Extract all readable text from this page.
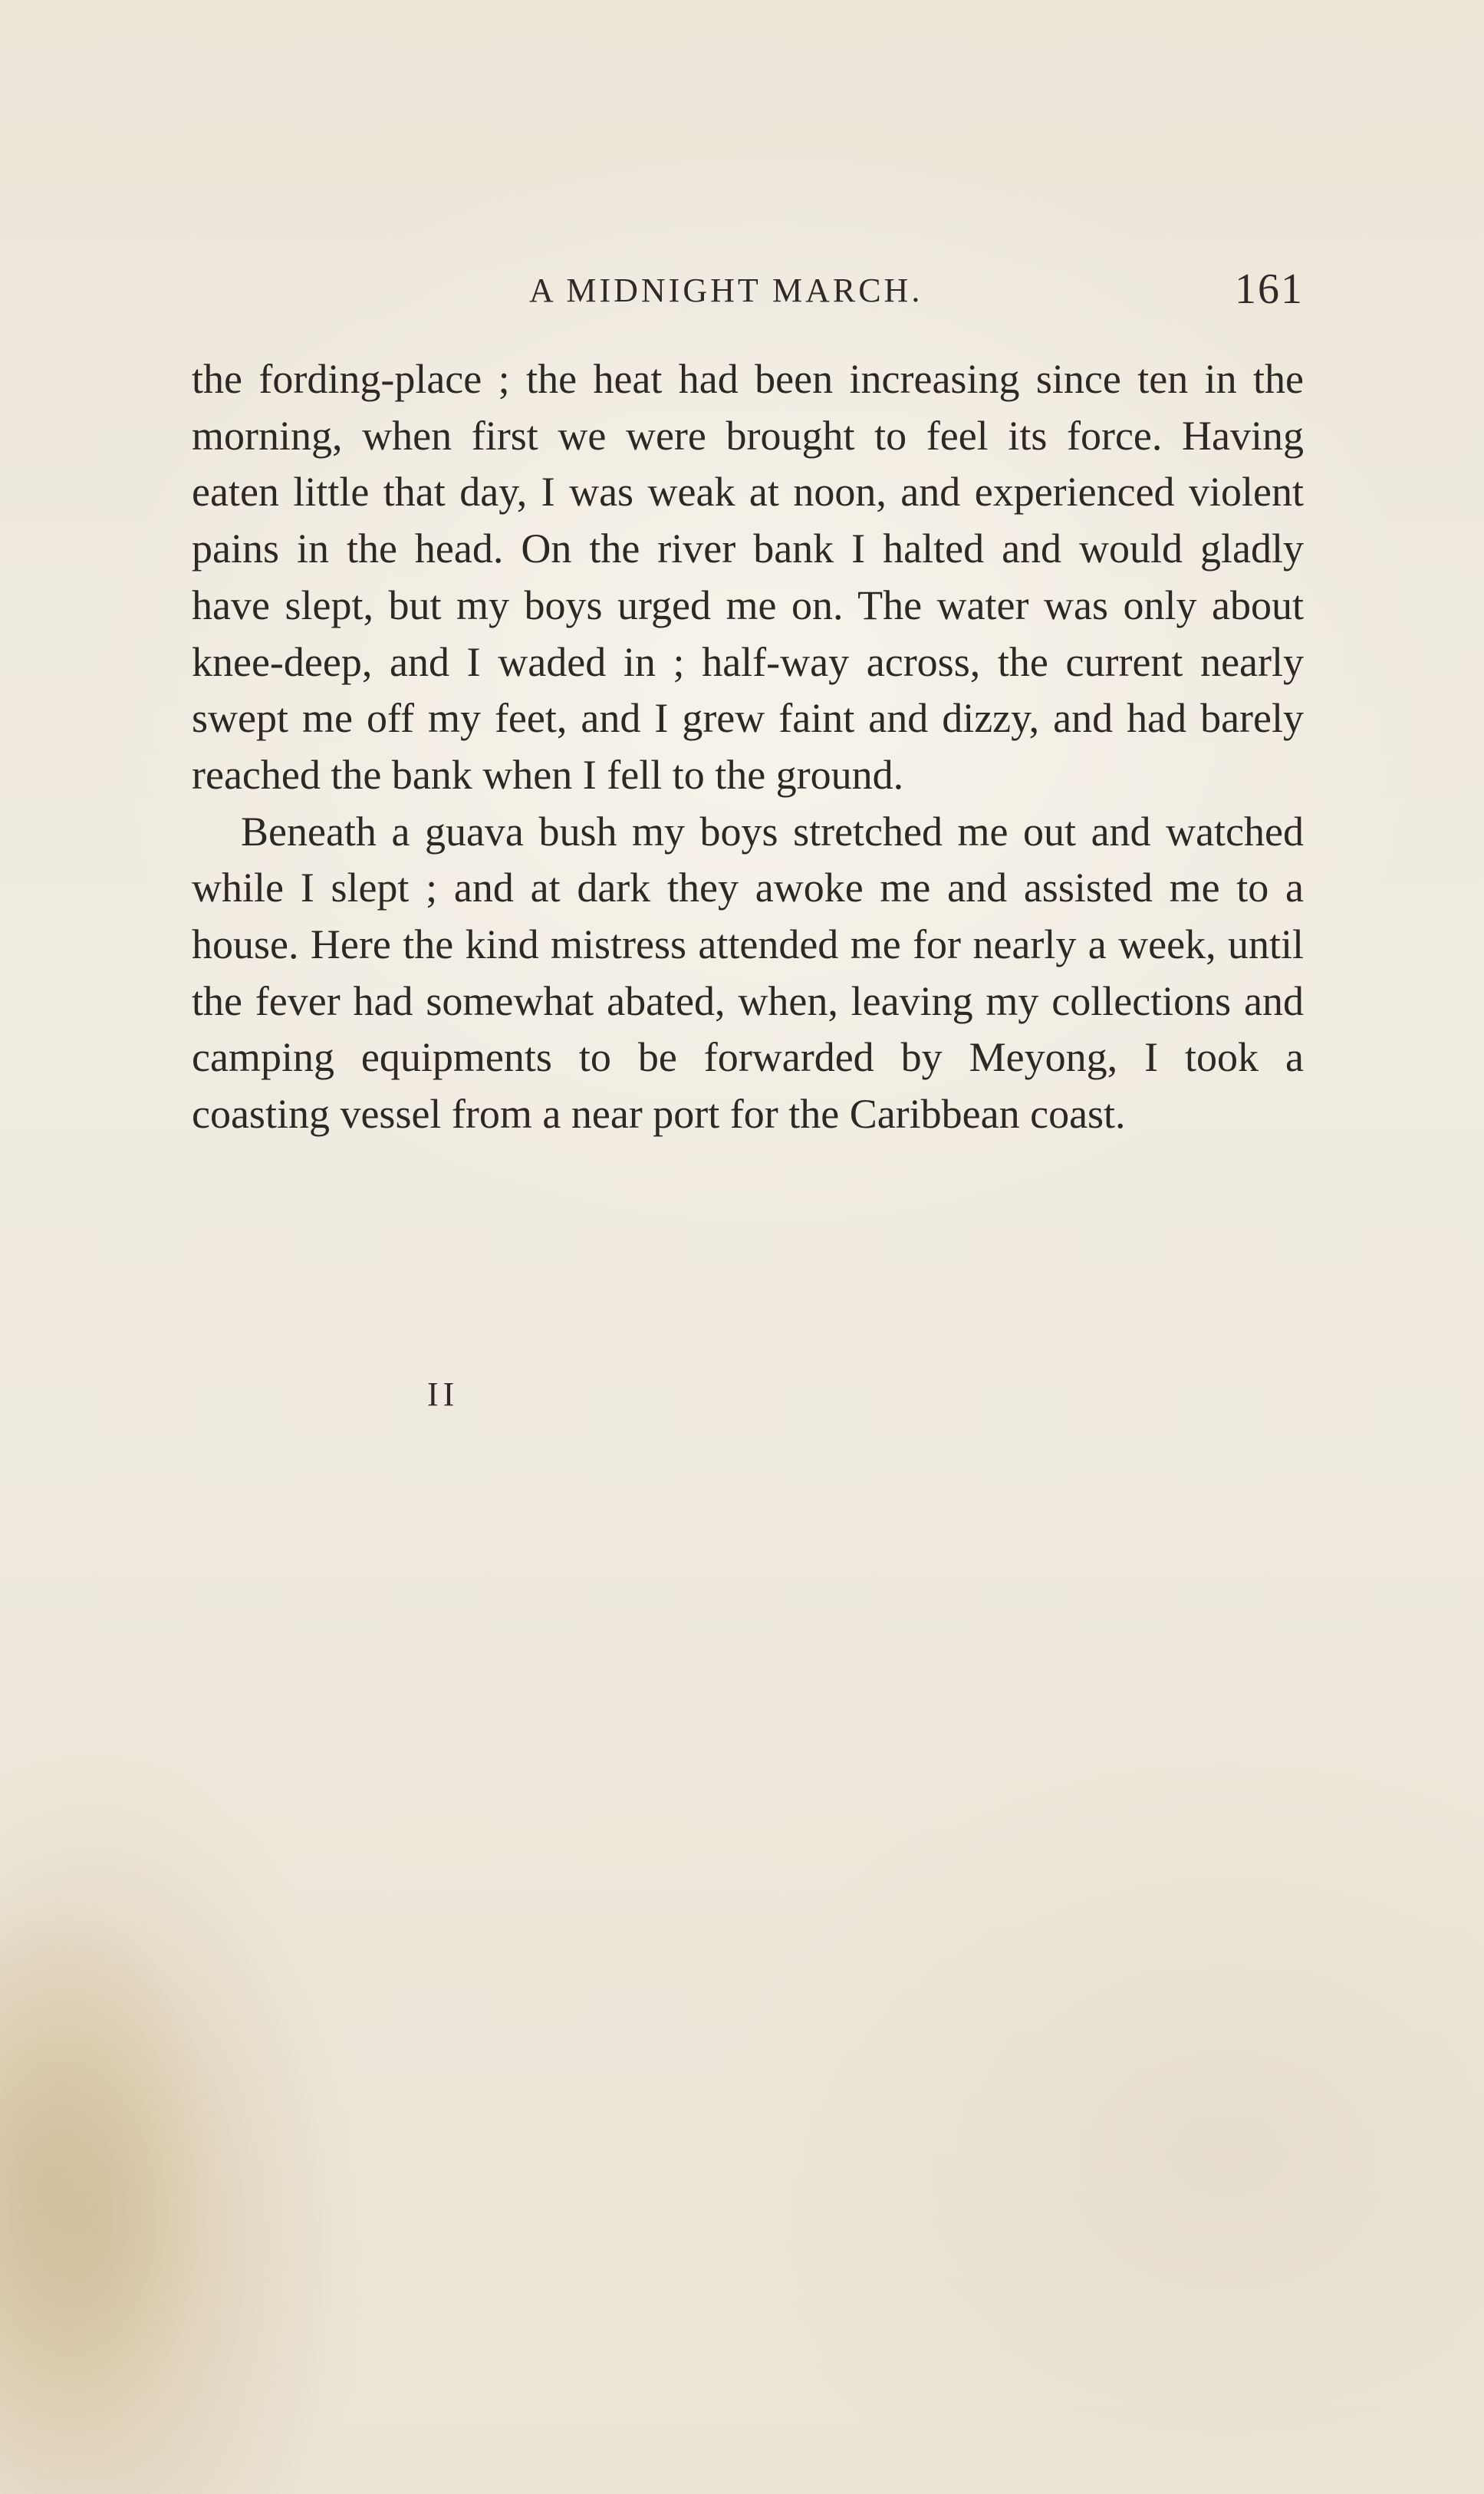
A MIDNIGHT MARCH.	161

the fording-place ; the heat had been increasing since ten in the morning, when first we were brought to feel its force. Having eaten little that day, I was weak at noon, and experienced violent pains in the head. On the river bank I halted and would gladly have slept, but my boys urged me on. The water was only about knee-deep, and I waded in ; half-way across, the current nearly swept me off my feet, and I grew faint and dizzy, and had barely reached the bank when I fell to the ground.

Beneath a guava bush my boys stretched me out and watched while I slept ; and at dark they awoke me and assisted me to a house. Here the kind mistress attended me for nearly a week, until the fever had somewhat abated, when, leaving my collections and camping equipments to be forwarded by Meyong, I took a coasting vessel from a near port for the Caribbean coast.

II
